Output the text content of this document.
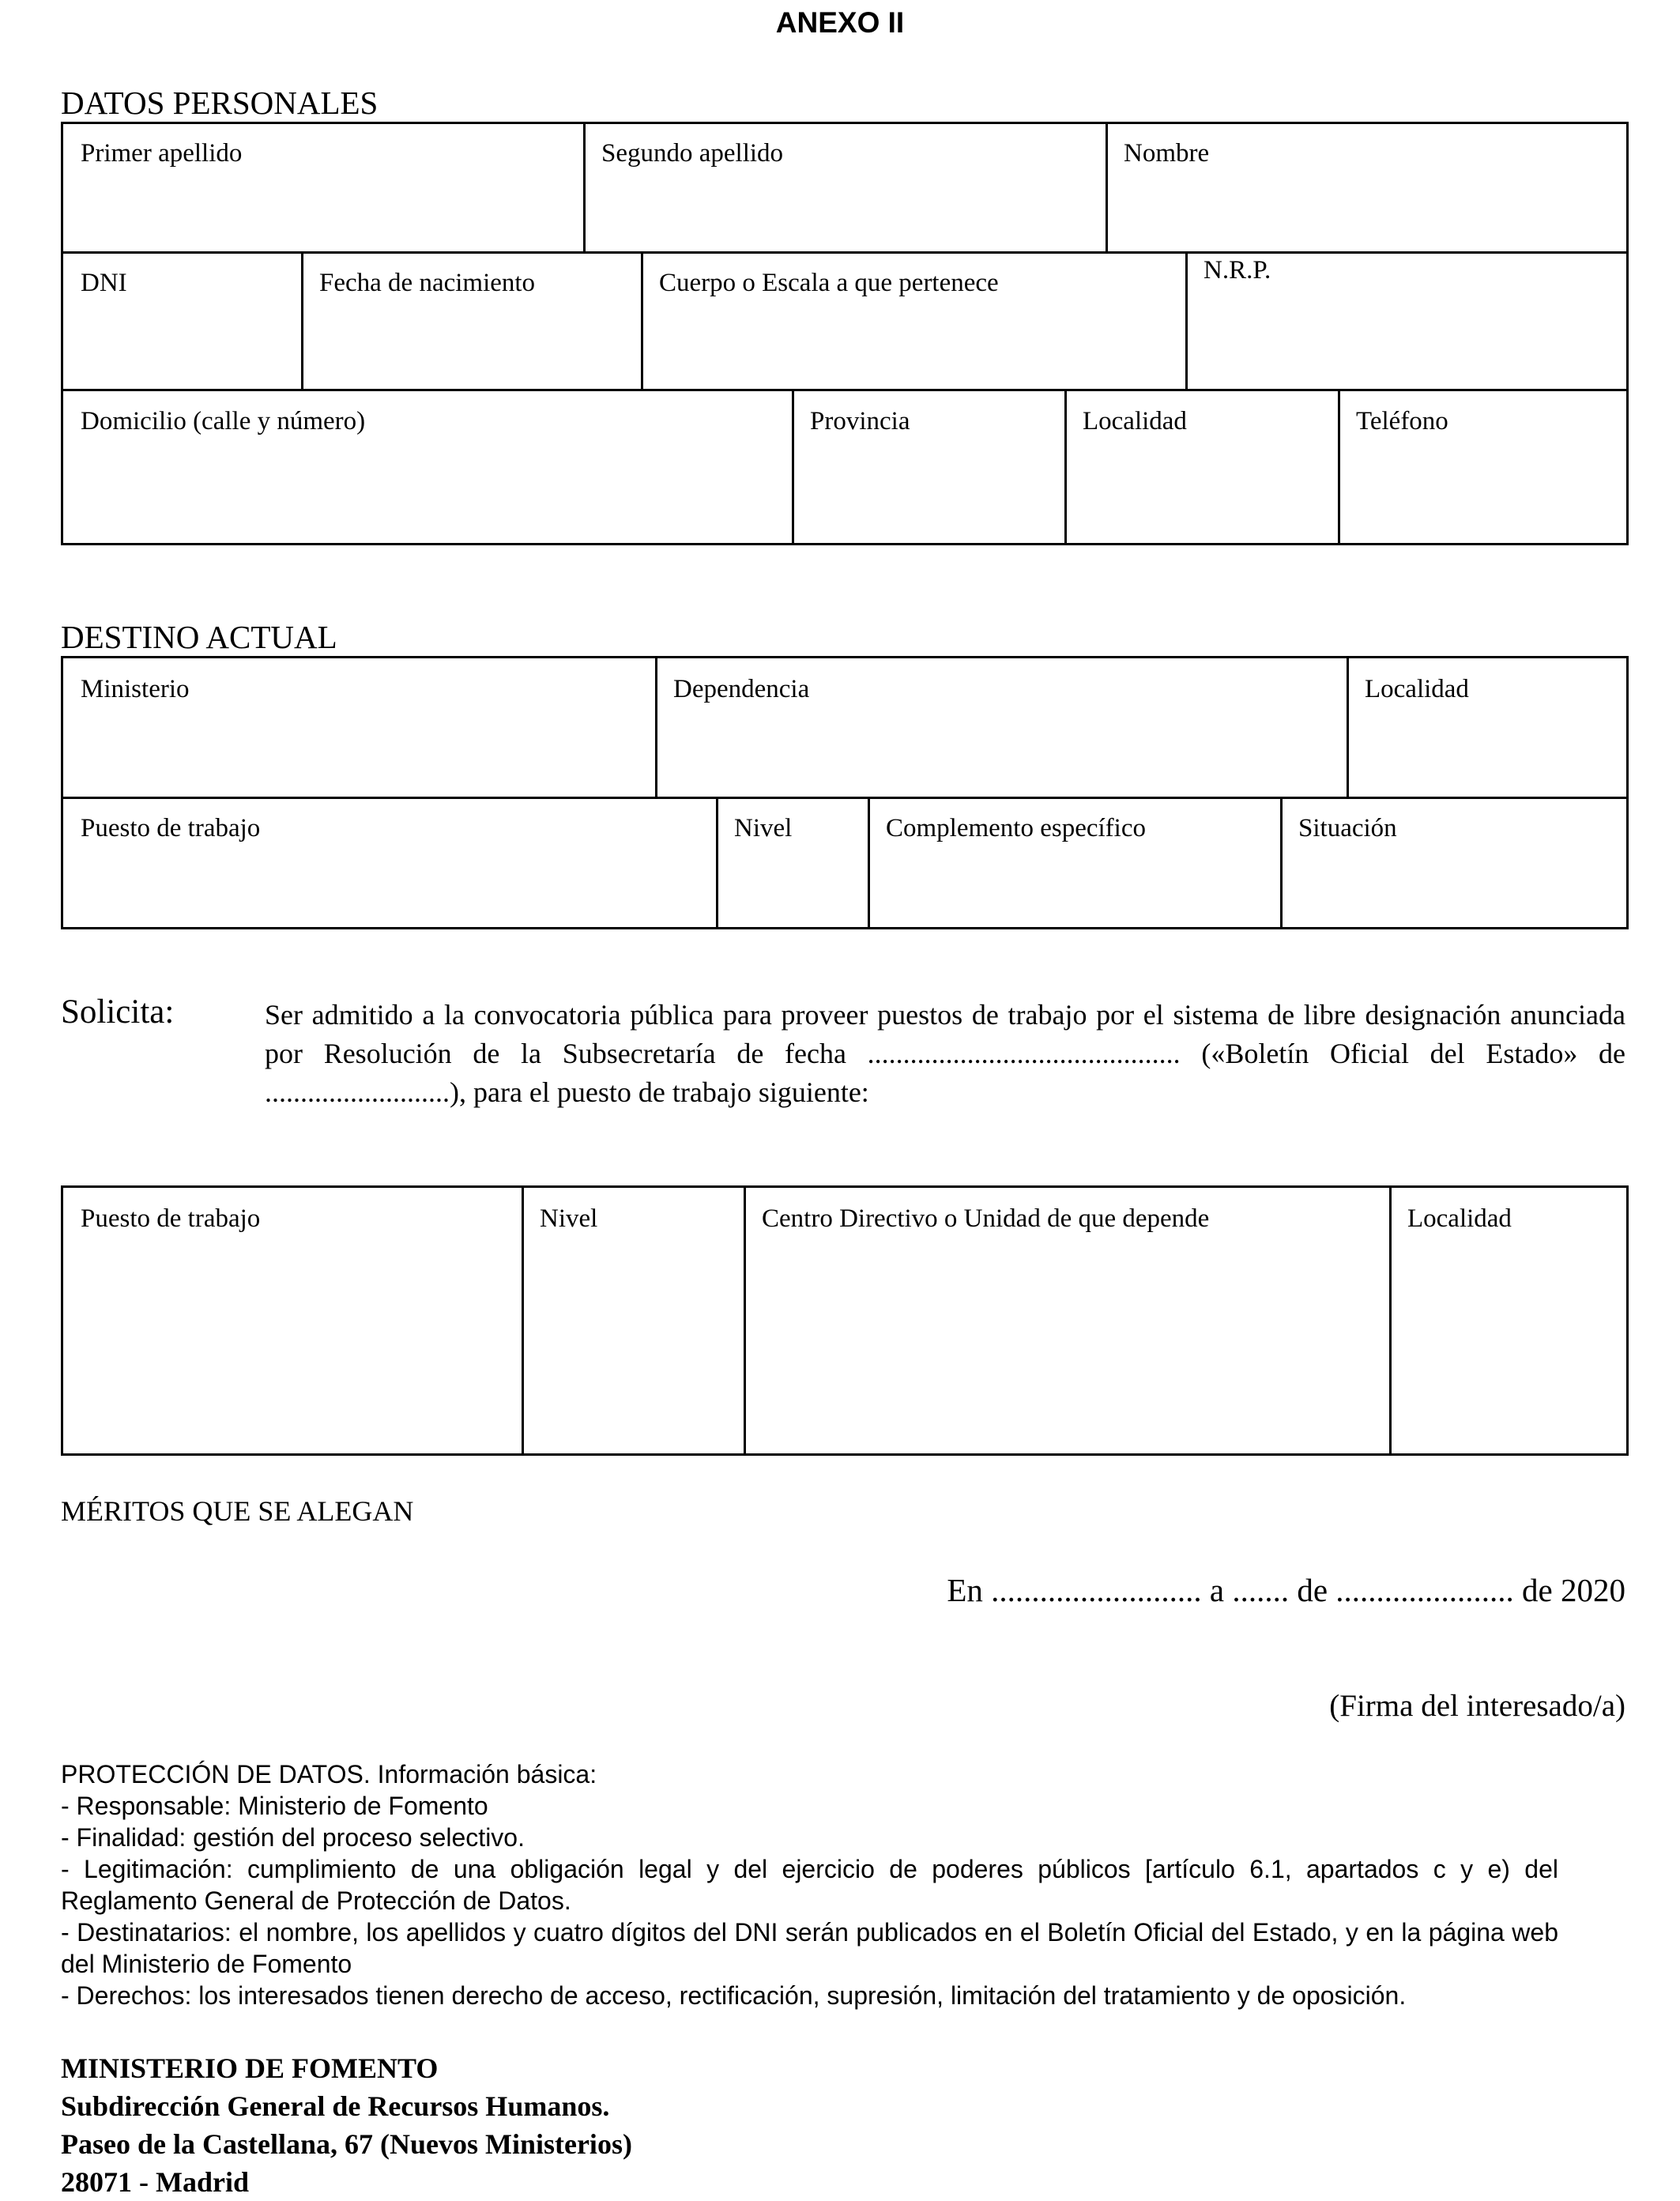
ANEXO II
DATOS PERSONALES
Primer apellido	Segundo apellido	Nombre
DNI	Fecha de nacimiento	Cuerpo o Escala a que pertenece	N.R.P.
Domicilio (calle y número)	Provincia	Localidad	Teléfono
DESTINO ACTUAL
Ministerio	Dependencia	Localidad
Puesto de trabajo	Nivel	Complemento específico	Situación
Solicita:	Ser admitido a la convocatoria pública para proveer puestos de trabajo por el sistema de libre designación anunciada por Resolución de la Subsecretaría de fecha ............................................ («Boletín Oficial del Estado» de ..........................), para el puesto de trabajo siguiente:
Puesto de trabajo	Nivel	Centro Directivo o Unidad de que depende	Localidad
MÉRITOS QUE SE ALEGAN
En .......................... a ....... de ...................... de 2020
(Firma del interesado/a)
PROTECCIÓN DE DATOS. Información básica:
- Responsable: Ministerio de Fomento
- Finalidad: gestión del proceso selectivo.
- Legitimación: cumplimiento de una obligación legal y del ejercicio de poderes públicos [artículo 6.1, apartados c y e) del Reglamento General de Protección de Datos.
- Destinatarios: el nombre, los apellidos y cuatro dígitos del DNI serán publicados en el Boletín Oficial del Estado, y en la página web del Ministerio de Fomento
- Derechos: los interesados tienen derecho de acceso, rectificación, supresión, limitación del tratamiento y de oposición.
MINISTERIO DE FOMENTO
Subdirección General de Recursos Humanos.
Paseo de la Castellana, 67 (Nuevos Ministerios)
28071 - Madrid
